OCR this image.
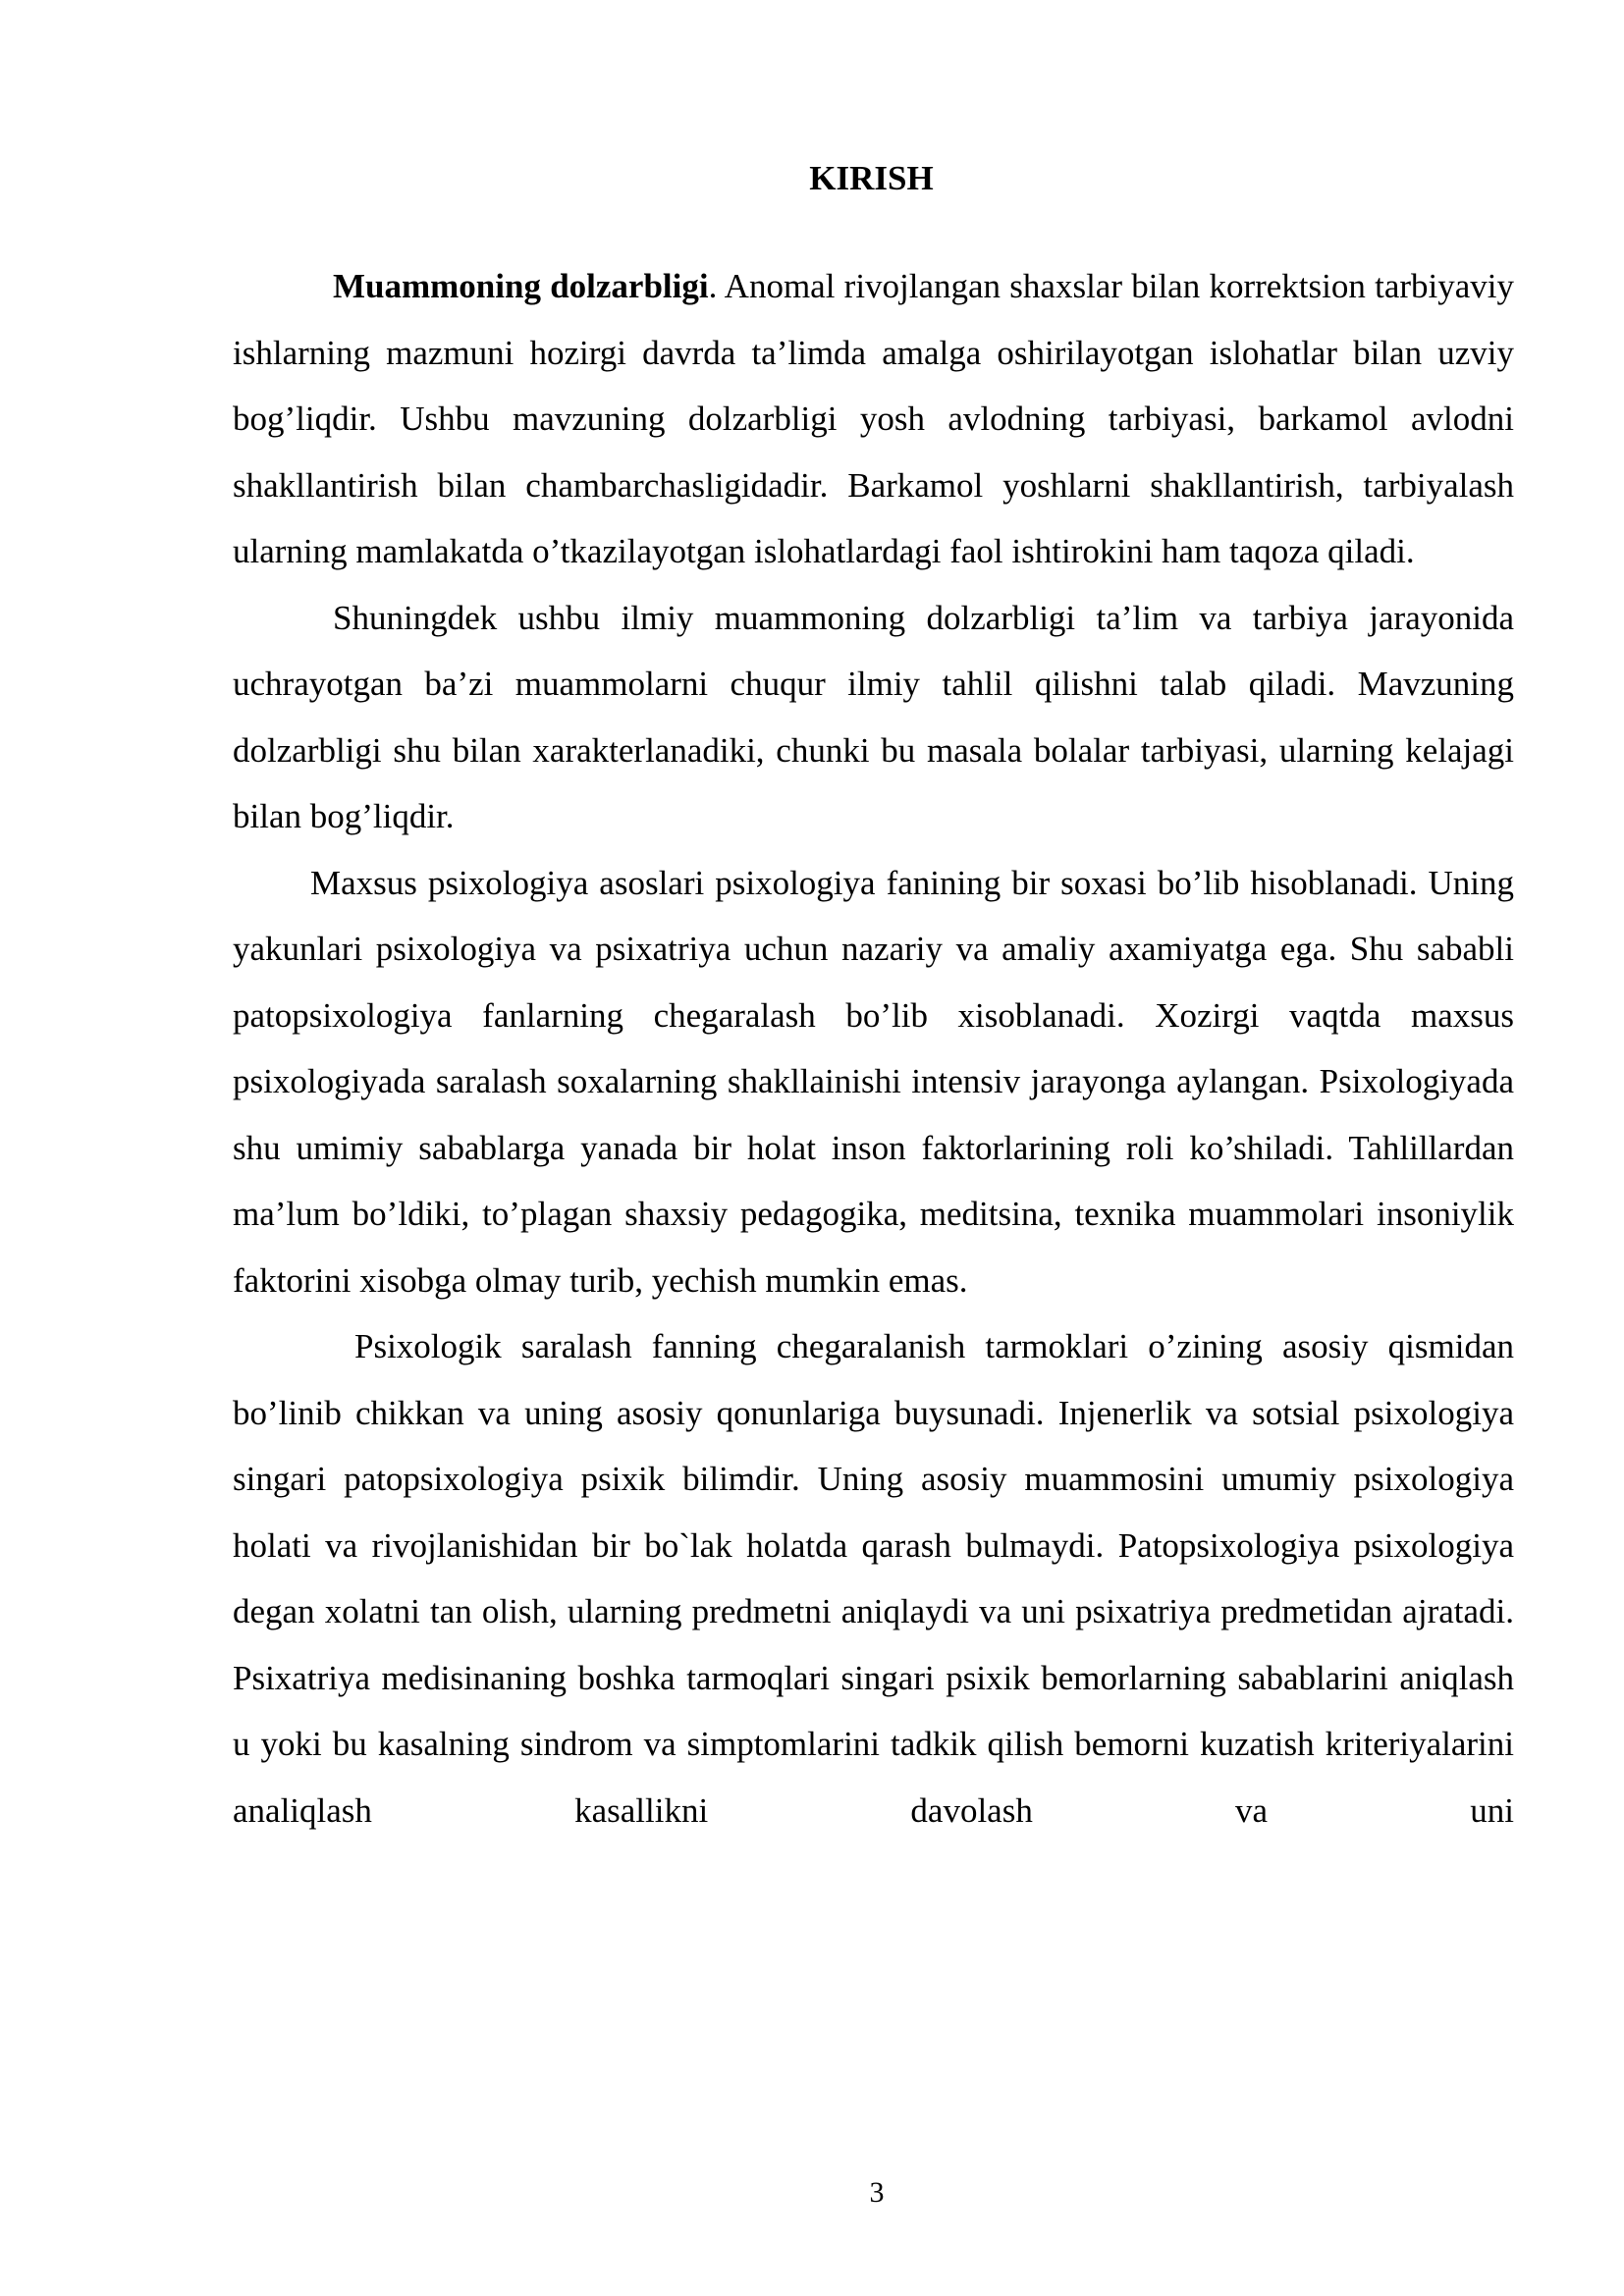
KIRISH

Muammoning dolzarbligi. Anomal rivojlangan shaxslar bilan korrektsion tarbiyaviy ishlarning mazmuni hozirgi davrda ta’limda amalga oshirilayotgan islohatlar bilan uzviy bog’liqdir. Ushbu mavzuning dolzarbligi yosh avlodning tarbiyasi, barkamol avlodni shakllantirish bilan chambarchasligidadir. Barkamol yoshlarni shakllantirish, tarbiyalash ularning mamlakatda o’tkazilayotgan islohatlardagi faol ishtirokini ham taqoza qiladi.

Shuningdek ushbu ilmiy muammoning dolzarbligi ta’lim va tarbiya jarayonida uchrayotgan ba’zi muammolarni chuqur ilmiy tahlil qilishni talab qiladi. Mavzuning dolzarbligi shu bilan xarakterlanadiki, chunki bu masala bolalar tarbiyasi, ularning kelajagi bilan bog’liqdir.

Maxsus psixologiya asoslari psixologiya fanining bir soxasi bo’lib hisoblanadi. Uning yakunlari psixologiya va psixatriya uchun nazariy va amaliy axamiyatga ega. Shu sababli patopsixologiya fanlarning chegaralash bo’lib xisoblanadi. Xozirgi vaqtda maxsus psixologiyada saralash soxalarning shakllainishi intensiv jarayonga aylangan. Psixologiyada shu umimiy sabablarga yanada bir holat inson faktorlarining roli ko’shiladi. Tahlillardan ma’lum bo’ldiki, to’plagan shaxsiy pedagogika, meditsina, texnika muammolari insoniylik faktorini xisobga olmay turib, yechish mumkin emas.

Psixologik saralash fanning chegaralanish tarmoklari o’zining asosiy qismidan bo’linib chikkan va uning asosiy qonunlariga buysunadi. Injenerlik va sotsial psixologiya singari patopsixologiya psixik bilimdir. Uning asosiy muammosini umumiy psixologiya holati va rivojlanishidan bir bo`lak holatda qarash bulmaydi. Patopsixologiya psixologiya degan xolatni tan olish, ularning predmetni aniqlaydi va uni psixatriya predmetidan ajratadi. Psixatriya medisinaning boshka tarmoqlari singari psixik bemorlarning sabablarini aniqlash u yoki bu kasalning sindrom va simptomlarini tadkik qilish bemorni kuzatish kriteriyalarini analiqlash kasallikni davolash va uni

3
